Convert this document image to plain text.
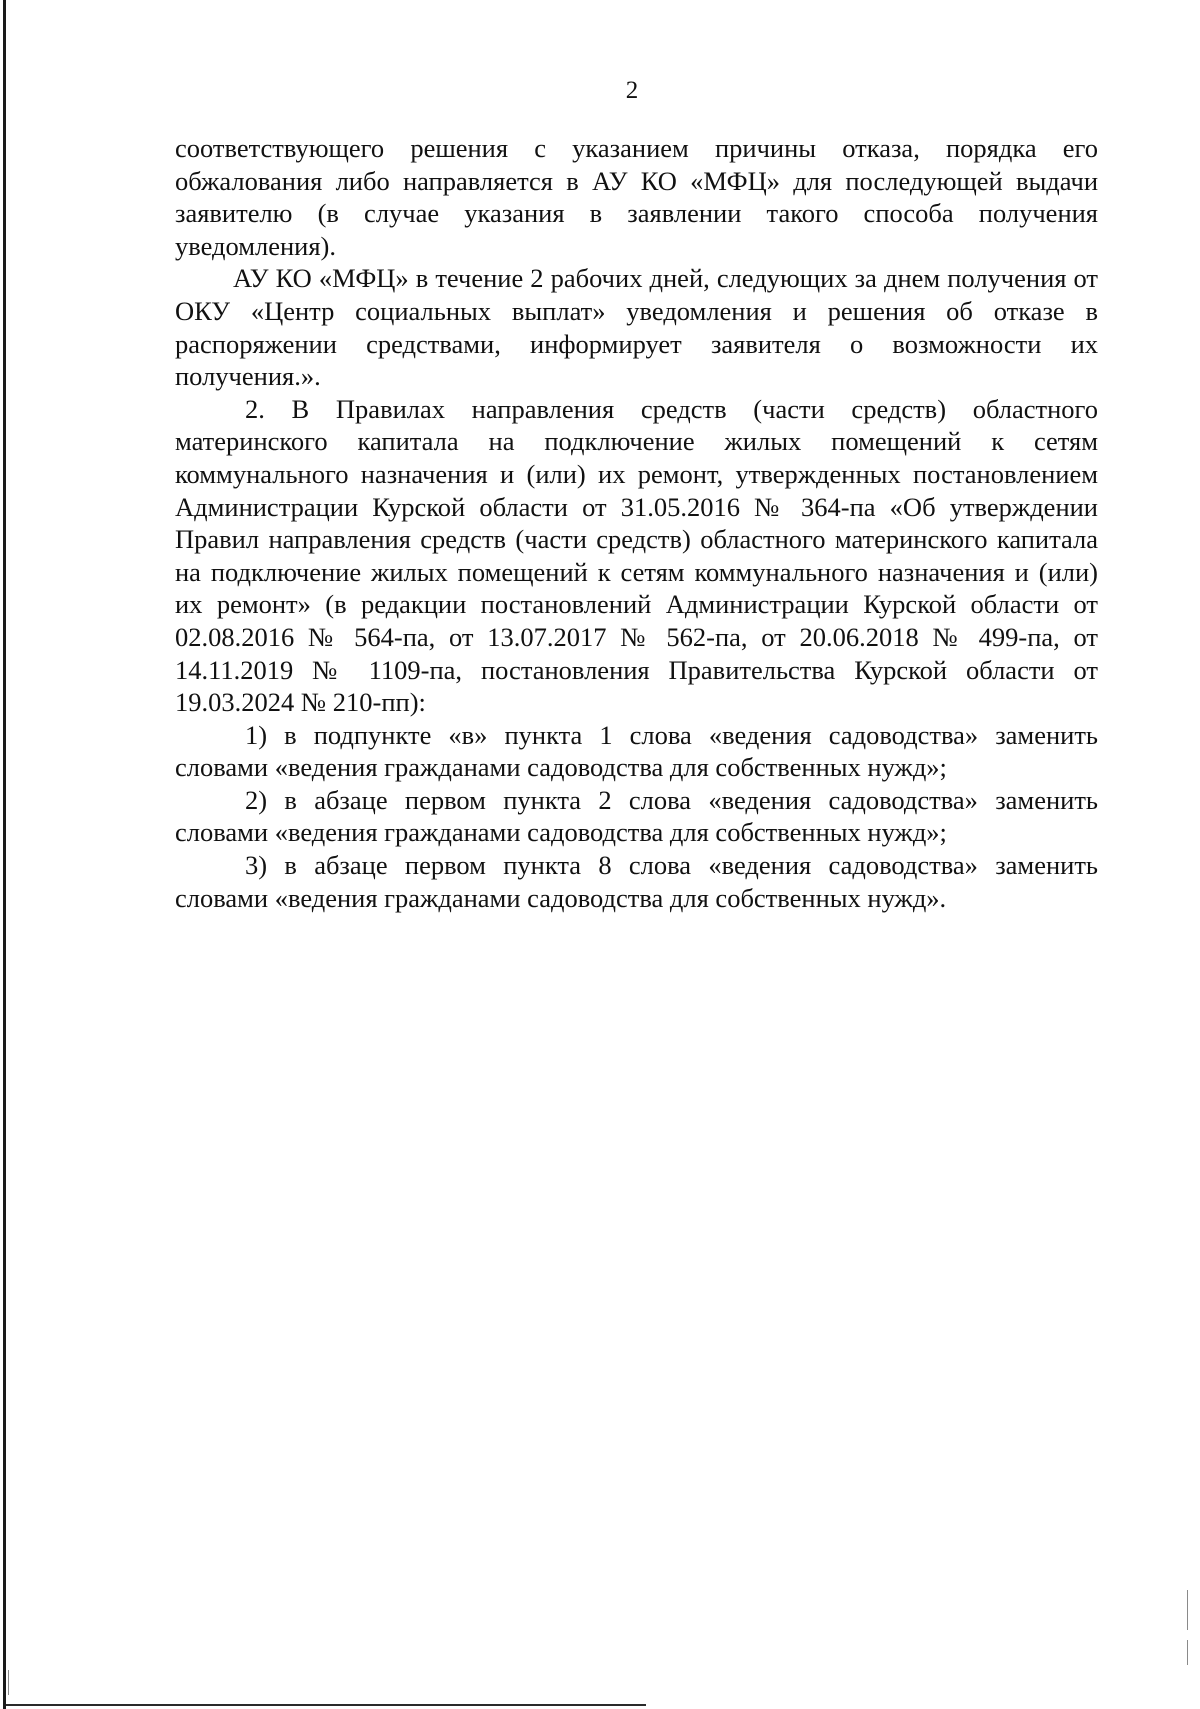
2

соответствующего решения с указанием причины отказа, порядка его обжалования либо направляется в АУ КО «МФЦ» для последующей выдачи заявителю (в случае указания в заявлении такого способа получения уведомления).

АУ КО «МФЦ» в течение 2 рабочих дней, следующих за днем получения от ОКУ «Центр социальных выплат» уведомления и решения об отказе в распоряжении средствами, информирует заявителя о возможности их получения.».

2. В Правилах направления средств (части средств) областного материнского капитала на подключение жилых помещений к сетям коммунального назначения и (или) их ремонт, утвержденных постановлением Администрации Курской области от 31.05.2016 № 364-па «Об утверждении Правил направления средств (части средств) областного материнского капитала на подключение жилых помещений к сетям коммунального назначения и (или) их ремонт» (в редакции постановлений Администрации Курской области от 02.08.2016 № 564-па, от 13.07.2017 № 562-па, от 20.06.2018 № 499-па, от 14.11.2019 № 1109-па, постановления Правительства Курской области от 19.03.2024 № 210-пп):

1) в подпункте «в» пункта 1 слова «ведения садоводства» заменить словами «ведения гражданами садоводства для собственных нужд»;

2) в абзаце первом пункта 2 слова «ведения садоводства» заменить словами «ведения гражданами садоводства для собственных нужд»;

3) в абзаце первом пункта 8 слова «ведения садоводства» заменить словами «ведения гражданами садоводства для собственных нужд».
